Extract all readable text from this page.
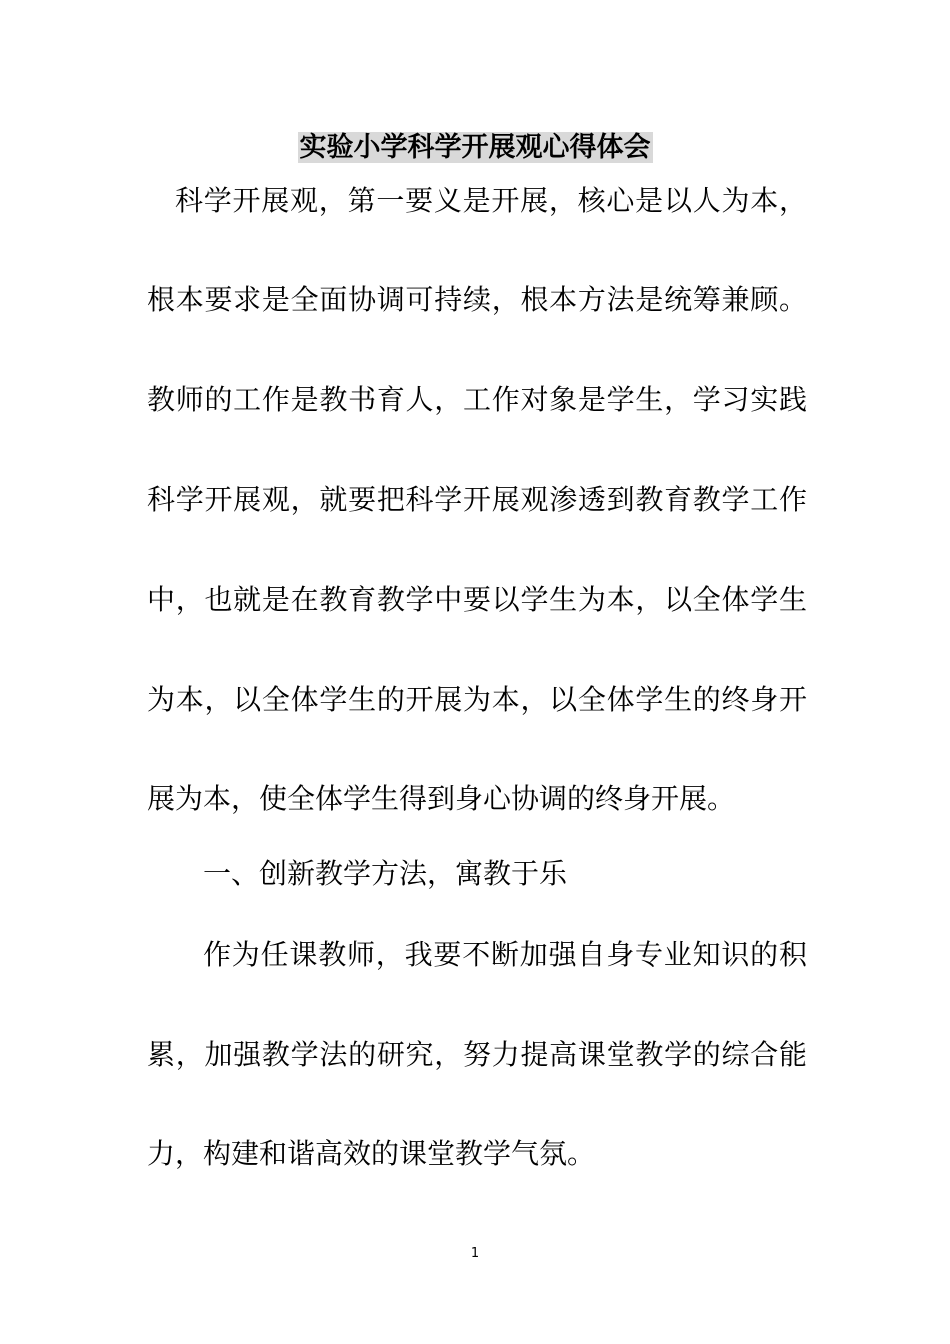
实验小学科学开展观心得体会

科学开展观，第一要义是开展，核心是以人为本，

根本要求是全面协调可持续，根本方法是统筹兼顾。

教师的工作是教书育人，工作对象是学生，学习实践

科学开展观，就要把科学开展观渗透到教育教学工作

中，也就是在教育教学中要以学生为本，以全体学生

为本，以全体学生的开展为本，以全体学生的终身开

展为本，使全体学生得到身心协调的终身开展。

一、创新教学方法，寓教于乐

作为任课教师，我要不断加强自身专业知识的积

累，加强教学法的研究，努力提高课堂教学的综合能

力，构建和谐高效的课堂教学气氛。

1
